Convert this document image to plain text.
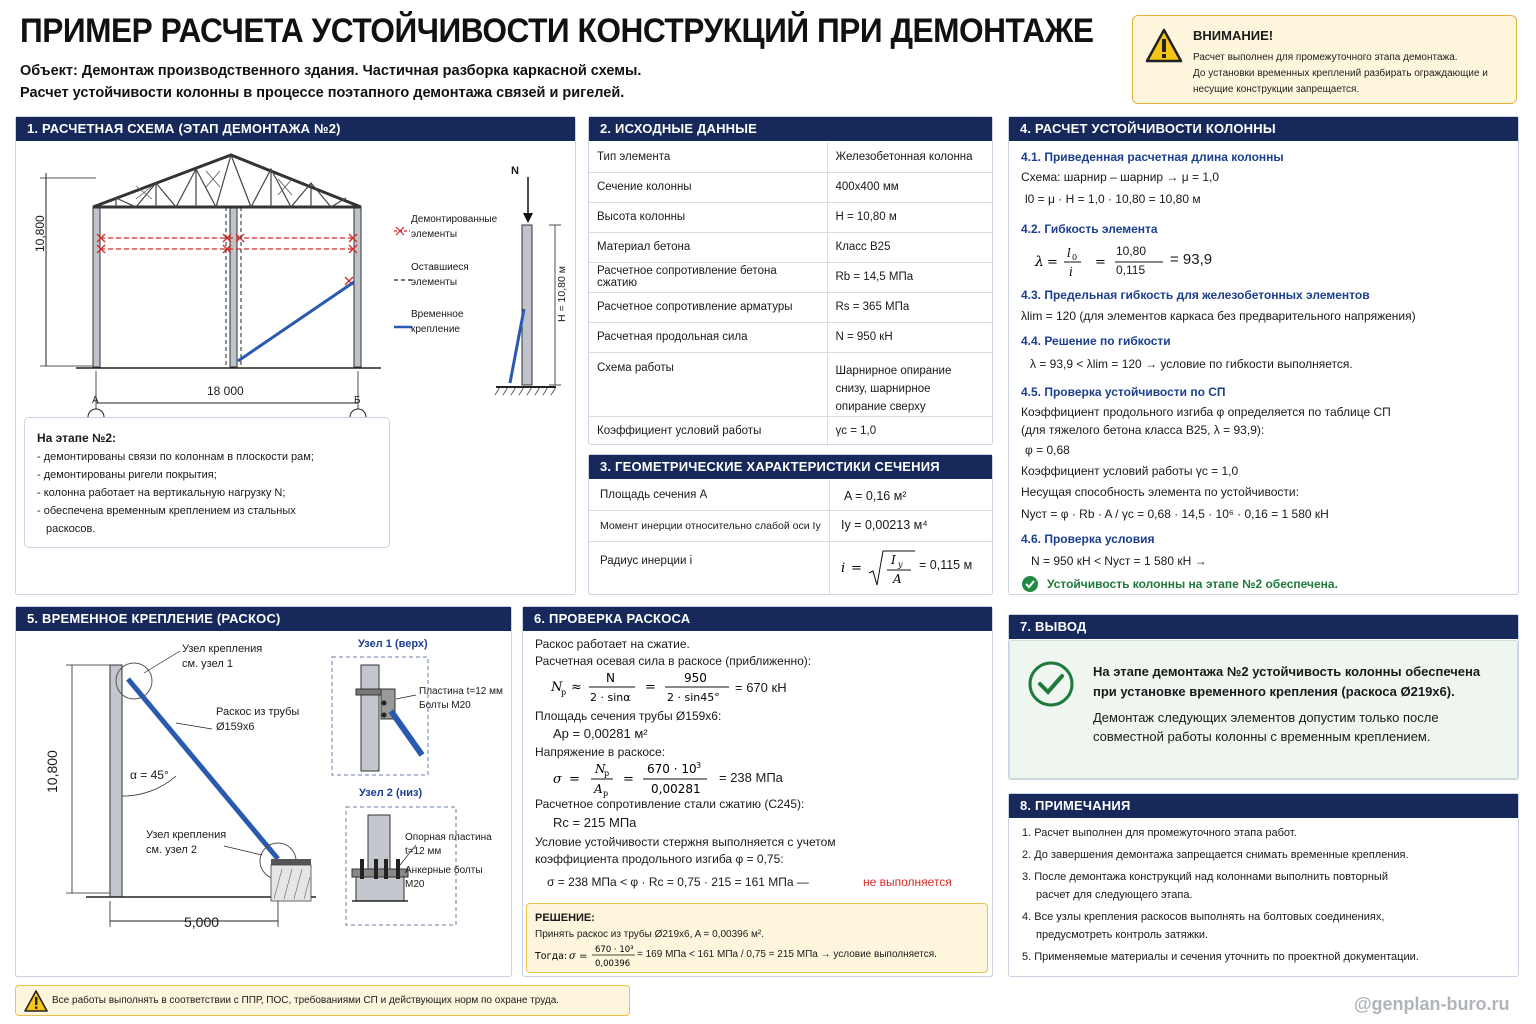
ПРИМЕР РАСЧЕТА УСТОЙЧИВОСТИ КОНСТРУКЦИЙ ПРИ ДЕМОНТАЖЕ
Объект: Демонтаж производственного здания. Частичная разборка каркасной схемы.
Расчет устойчивости колонны в процессе поэтапного демонтажа связей и ригелей.
ВНИМАНИЕ!
Расчет выполнен для промежуточного этапа демонтажа.
До установки временных креплений разбирать ограждающие и
несущие конструкции запрещается.
1. РАСЧЕТНАЯ СХЕМА (ЭТАП ДЕМОНТАЖА №2)
10,800
18 000
А	Б
Демонтированные
элементы
Оставшиеся
элементы
Временное
крепление
N
H = 10,80 м
На этапе №2:
- демонтированы связи по колоннам в плоскости рам;
- демонтированы ригели покрытия;
- колонна работает на вертикальную нагрузку N;
- обеспечена временным креплением из стальных
раскосов.
2. ИСХОДНЫЕ ДАННЫЕ
Тип элемента	Железобетонная колонна
Сечение колонны	400x400 мм
Высота колонны	H = 10,80 м
Материал бетона	Класс B25
Расчетное сопротивление бетона сжатию	Rb = 14,5 МПа
Расчетное сопротивление арматуры	Rs = 365 МПа
Расчетная продольная сила	N = 950 кН
Схема работы	Шарнирное опирание
снизу, шарнирное
опирание сверху
Коэффициент условий работы	γc = 1,0
3. ГЕОМЕТРИЧЕСКИЕ ХАРАКТЕРИСТИКИ СЕЧЕНИЯ
Площадь сечения A	A = 0,16 м²
Момент инерции относительно слабой оси Iy Iy = 0,00213 м⁴
Радиус инерции i	i =
I y
A
= 0,115 м
4. РАСЧЕТ УСТОЙЧИВОСТИ КОЛОННЫ
4.1. Приведенная расчетная длина колонны
Схема: шарнир – шарнир → μ = 1,0
l0 = μ · H = 1,0 · 10,80 = 10,80 м
4.2. Гибкость элемента
λ =
l 0
i
=
10,80
0,115
= 93,9
4.3. Предельная гибкость для железобетонных элементов
λlim = 120 (для элементов каркаса без предварительного напряжения)
4.4. Решение по гибкости
λ = 93,9 < λlim = 120 → условие по гибкости выполняется.
4.5. Проверка устойчивости по СП
Коэффициент продольного изгиба φ определяется по таблице СП
(для тяжелого бетона класса B25, λ = 93,9):
φ = 0,68
Коэффициент условий работы γc = 1,0
Несущая способность элемента по устойчивости:
Nуст = φ · Rb · A / γc = 0,68 · 14,5 · 10⁶ · 0,16 = 1 580 кН
4.6. Проверка условия
N = 950 кН < Nуст = 1 580 кН →
Устойчивость колонны на этапе №2 обеспечена.
5. ВРЕМЕННОЕ КРЕПЛЕНИЕ (РАСКОС)
Узел крепления
см. узел 1
Раскос из трубы
Ø159x6
α = 45°
Узел крепления
см. узел 2
10,800
5,000
Узел 1 (верх)
Пластина t=12 мм
Болты M20
Узел 2 (низ)
Опорная пластина
t=12 мм
Анкерные болты
M20
6. ПРОВЕРКА РАСКОСА
Раскос работает на сжатие.
Расчетная осевая сила в раскосе (приближенно):
N
p ≈
N
2 · sinα
=
950
2 · sin45°
= 670 кН
Площадь сечения трубы Ø159x6:
Ap = 0,00281 м²
Напряжение в раскосе:
σ =
N
p
A p
=
670 · 10 3
0,00281
= 238 МПа
Расчетное сопротивление стали сжатию (C245):
Rc = 215 МПа
Условие устойчивости стержня выполняется с учетом
коэффициента продольного изгиба φ = 0,75:
σ = 238 МПа < φ · Rc = 0,75 · 215 = 161 МПа —	не выполняется
РЕШЕНИЕ:
Принять раскос из трубы Ø219x6, A = 0,00396 м².
Тогда: σ =
670 · 10³
0,00396
= 169 МПа < 161 МПа / 0,75 = 215 МПа → условие выполняется.
7. ВЫВОД
На этапе демонтажа №2 устойчивость колонны обеспечена
при установке временного крепления (раскоса Ø219x6).
Демонтаж следующих элементов допустим только после
совместной работы колонны с временным креплением.
8. ПРИМЕЧАНИЯ
1. Расчет выполнен для промежуточного этапа работ.
2. До завершения демонтажа запрещается снимать временные крепления.
3. После демонтажа конструкций над колоннами выполнить повторный
расчет для следующего этапа.
4. Все узлы крепления раскосов выполнять на болтовых соединениях,
предусмотреть контроль затяжки.
5. Применяемые материалы и сечения уточнить по проектной документации.
Все работы выполнять в соответствии с ППР, ПОС, требованиями СП и действующих норм по охране труда.	@genplan-buro.ru
